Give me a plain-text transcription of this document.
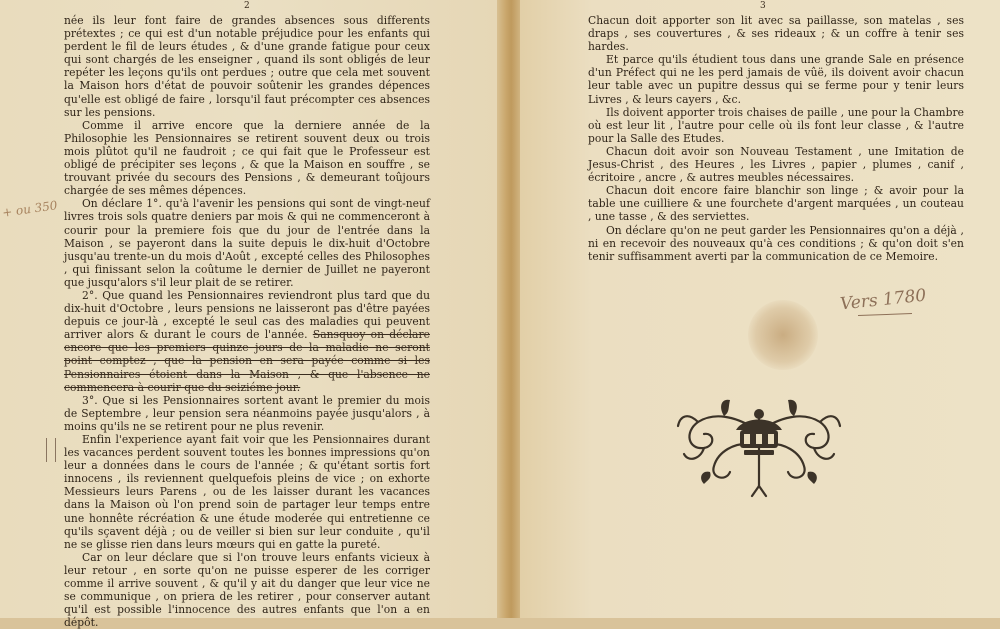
2
+ ou 350

née ils leur font faire de grandes absences sous differents prétextes ; ce qui est d'un notable préjudice pour les enfants qui perdent le fil de leurs études , & d'une grande fatigue pour ceux qui sont chargés de les enseigner , quand ils sont obligés de leur repéter les leçons qu'ils ont perdues ; outre que cela met souvent la Maison hors d'état de pouvoir soûtenir les grandes dépences qu'elle est obligé de faire , lorsqu'il faut précompter ces absences sur les pensions.

Comme il arrive encore que la derniere année de la Philosophie les Pensionnaires se retirent souvent deux ou trois mois plûtot qu'il ne faudroit ; ce qui fait que le Professeur est obligé de précipiter ses leçons , & que la Maison en souffre , se trouvant privée du secours des Pensions , & demeurant toûjours chargée de ses mêmes dépences.

On déclare 1°. qu'à l'avenir les pensions qui sont de vingt-neuf livres trois sols quatre deniers par mois & qui ne commenceront à courir pour la premiere fois que du jour de l'entrée dans la Maison , se payeront dans la suite depuis le dix-huit d'Octobre jusqu'au trente-un du mois d'Août , excepté celles des Philosophes , qui finissant selon la coûtume le dernier de Juillet ne payeront que jusqu'alors s'il leur plait de se retirer.

2°. Que quand les Pensionnaires reviendront plus tard que du dix-huit d'Octobre , leurs pensions ne laisseront pas d'être payées depuis ce jour-là , excepté le seul cas des maladies qui peuvent arriver alors & durant le cours de l'année. Sansquoy on déclare encore que les premiers quinze jours de la maladie ne seront point comptez , que la pension en sera payée comme si les Pensionnaires étoient dans la Maison , & que l'absence ne commencera à courir que du seiziéme jour.

3°. Que si les Pensionnaires sortent avant le premier du mois de Septembre , leur pension sera néanmoins payée jusqu'alors , à moins qu'ils ne se retirent pour ne plus revenir.

Enfin l'experience ayant fait voir que les Pensionnaires durant les vacances perdent souvent toutes les bonnes impressions qu'on leur a données dans le cours de l'année ; & qu'étant sortis fort innocens , ils reviennent quelquefois pleins de vice ; on exhorte Messieurs leurs Parens , ou de les laisser durant les vacances dans la Maison où l'on prend soin de partager leur temps entre une honnête récréation & une étude moderée qui entretienne ce qu'ils sçavent déjà ; ou de veiller si bien sur leur conduite , qu'il ne se glisse rien dans leurs mœurs qui en gatte la pureté.

Car on leur déclare que si l'on trouve leurs enfants vicieux à leur retour , en sorte qu'on ne puisse esperer de les corriger comme il arrive souvent , & qu'il y ait du danger que leur vice ne se communique , on priera de les retirer , pour conserver autant qu'il est possible l'innocence des autres enfants que l'on a en dépôt.

3

Chacun doit apporter son lit avec sa paillasse, son matelas , ses draps , ses couvertures , & ses rideaux ; & un coffre à tenir ses hardes.

Et parce qu'ils étudient tous dans une grande Sale en présence d'un Préfect qui ne les perd jamais de vûë, ils doivent avoir chacun leur table avec un pupitre dessus qui se ferme pour y tenir leurs Livres , & leurs cayers , &c.

Ils doivent apporter trois chaises de paille , une pour la Chambre où est leur lit , l'autre pour celle où ils font leur classe , & l'autre pour la Salle des Etudes.

Chacun doit avoir son Nouveau Testament , une Imitation de Jesus-Christ , des Heures , les Livres , papier , plumes , canif , écritoire , ancre , & autres meubles nécessaires.

Chacun doit encore faire blanchir son linge ; & avoir pour la table une cuilliere & une fourchete d'argent marquées , un couteau , une tasse , & des serviettes.

On déclare qu'on ne peut garder les Pensionnaires qu'on a déjà , ni en recevoir des nouveaux qu'à ces conditions ; & qu'on doit s'en tenir suffisamment averti par la communication de ce Memoire.

Vers 1780
